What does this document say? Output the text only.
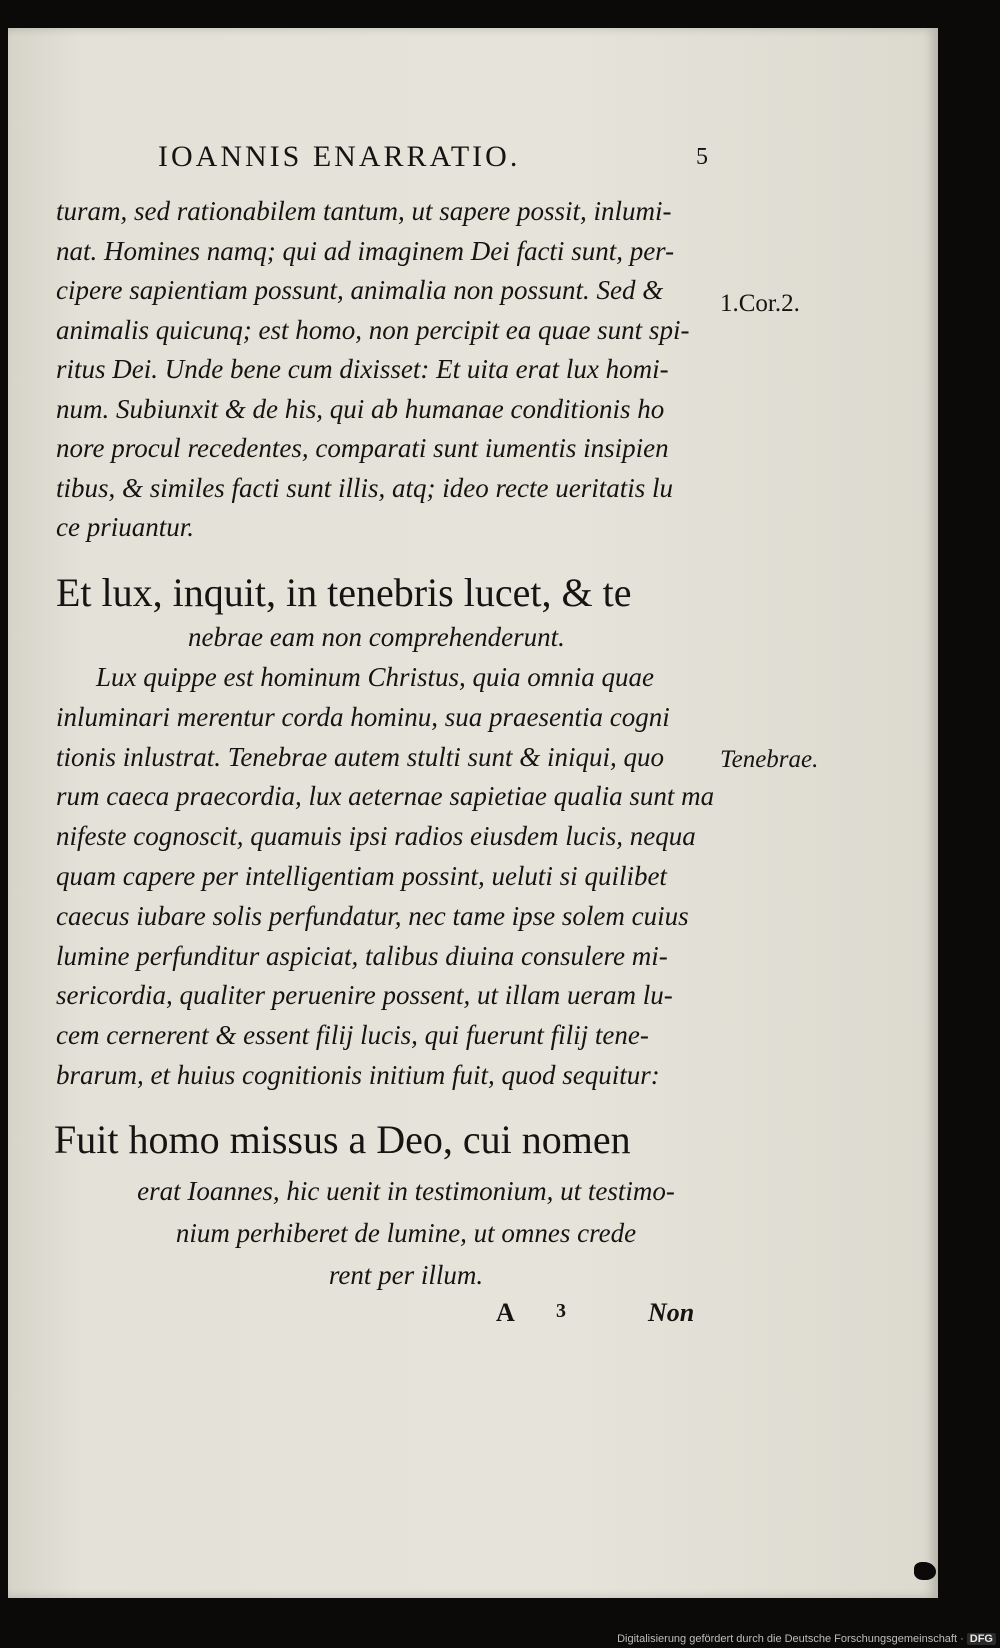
IOANNIS ENARRATIO.	5
turam, sed rationabilem tantum, ut sapere possit, inlumi-
nat. Homines namq; qui ad imaginem Dei facti sunt, per-
cipere sapientiam possunt, animalia non possunt. Sed &
animalis quicunq; est homo, non percipit ea quae sunt spi-
ritus Dei. Unde bene cum dixisset: Et uita erat lux homi-
num. Subiunxit & de his, qui ab humanae conditionis ho
nore procul recedentes, comparati sunt iumentis insipien
tibus, & similes facti sunt illis, atq; ideo recte ueritatis lu
ce priuantur.
1.Cor.2.
Et lux, inquit, in tenebris lucet, & te
nebrae eam non comprehenderunt.
Lux quippe est hominum Christus, quia omnia quae
inluminari merentur corda hominu, sua praesentia cogni
tionis inlustrat. Tenebrae autem stulti sunt & iniqui, quo
rum caeca praecordia, lux aeternae sapietiae qualia sunt ma
nifeste cognoscit, quamuis ipsi radios eiusdem lucis, nequa
quam capere per intelligentiam possint, ueluti si quilibet
caecus iubare solis perfundatur, nec tame ipse solem cuius
lumine perfunditur aspiciat, talibus diuina consulere mi-
sericordia, qualiter peruenire possent, ut illam ueram lu-
cem cernerent & essent filij lucis, qui fuerunt filij tene-
brarum, et huius cognitionis initium fuit, quod sequitur:
Tenebrae.
Fuit homo missus a Deo, cui nomen
erat Ioannes, hic uenit in testimonium, ut testimo-
nium perhiberet de lumine, ut omnes crede
rent per illum.
A 3	Non
Digitalisierung gefördert durch die Deutsche Forschungsgemeinschaft · DFG
